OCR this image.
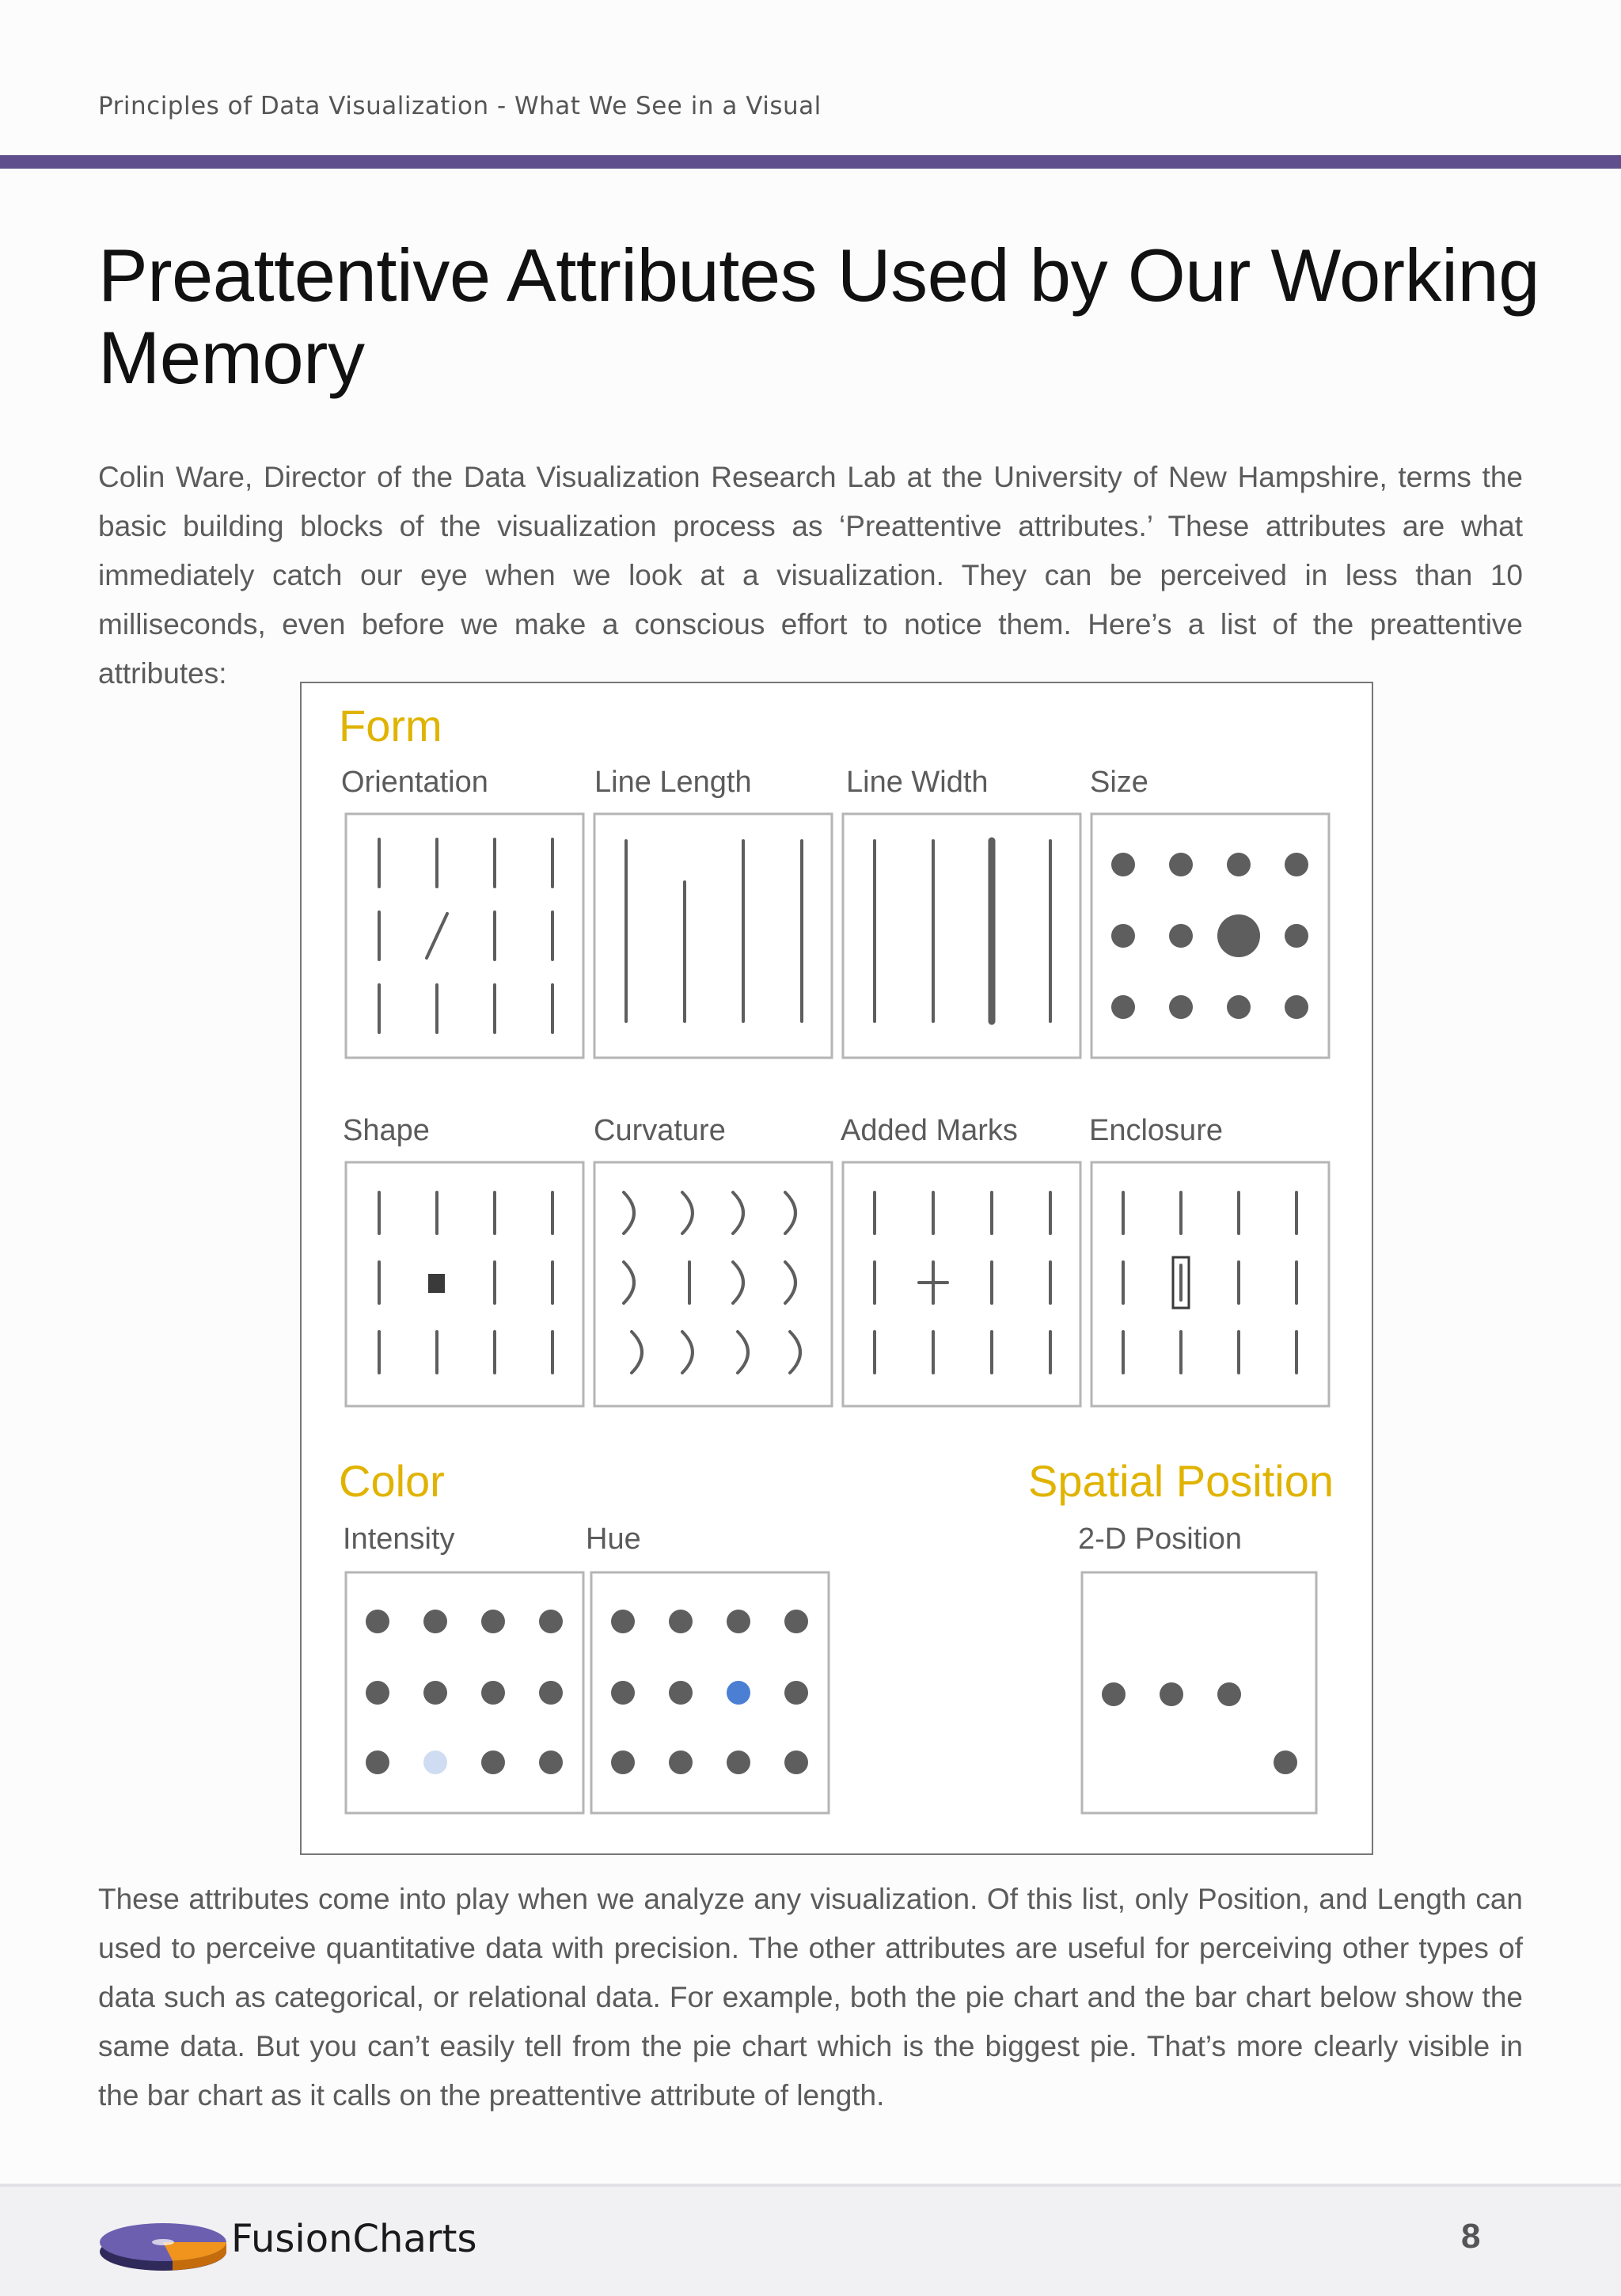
Principles of Data Visualization - What We See in a Visual
Preattentive Attributes Used by Our Working Memory

Colin Ware, Director of the Data Visualization Research Lab at the University of New Hampshire, terms the basic building blocks of the visualization process as ‘Preattentive attributes.’ These attributes are what immediately catch our eye when we look at a visualization. They can be perceived in less than 10 milliseconds, even before we make a conscious effort to notice them. Here’s a list of the preattentive attributes:

Form
Color	Spatial Position
Orientation	Line Length	Line Width	Size
Shape	Curvature	Added Marks Enclosure
Intensity	Hue	2-D Position

These attributes come into play when we analyze any visualization. Of this list, only Position, and Length can used to perceive quantitative data with precision. The other attributes are useful for perceiving other types of data such as categorical, or relational data. For example, both the pie chart and the bar chart below show the same data. But you can’t easily tell from the pie chart which is the biggest pie. That’s more clearly visible in the bar chart as it calls on the preattentive attribute of length.

FusionCharts	8
